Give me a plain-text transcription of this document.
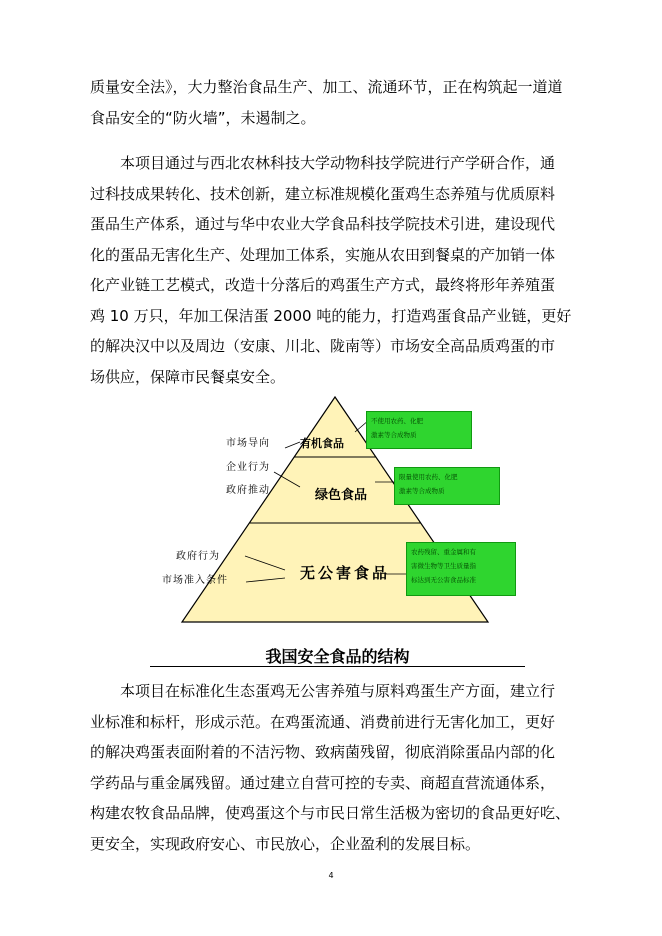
质量安全法》，大力整治食品生产、加工、流通环节，正在构筑起一道道
食品安全的“防火墙”，未遏制之。
本项目通过与西北农林科技大学动物科技学院进行产学研合作，通
过科技成果转化、技术创新，建立标准规模化蛋鸡生态养殖与优质原料
蛋品生产体系，通过与华中农业大学食品科技学院技术引进，建设现代
化的蛋品无害化生产、处理加工体系，实施从农田到餐桌的产加销一体
化产业链工艺模式，改造十分落后的鸡蛋生产方式，最终将形年养殖蛋
鸡 10 万只，年加工保洁蛋 2000 吨的能力，打造鸡蛋食品产业链，更好
的解决汉中以及周边（安康、川北、陇南等）市场安全高品质鸡蛋的市
场供应，保障市民餐桌安全。
市场导向
企业行为
政府推动
政府行为
市场准入条件
有机食品
绿色食品
无公害食品
不使用农药、化肥
激素等合成物质
限量使用农药、化肥
激素等合成物质
农药残留、重金属和有
害微生物等卫生质量指
标达到无公害食品标准
我国安全食品的结构
本项目在标准化生态蛋鸡无公害养殖与原料鸡蛋生产方面，建立行
业标准和标杆，形成示范。在鸡蛋流通、消费前进行无害化加工，更好
的解决鸡蛋表面附着的不洁污物、致病菌残留，彻底消除蛋品内部的化
学药品与重金属残留。通过建立自营可控的专卖、商超直营流通体系，
构建农牧食品品牌，使鸡蛋这个与市民日常生活极为密切的食品更好吃、
更安全，实现政府安心、市民放心，企业盈利的发展目标。
4
